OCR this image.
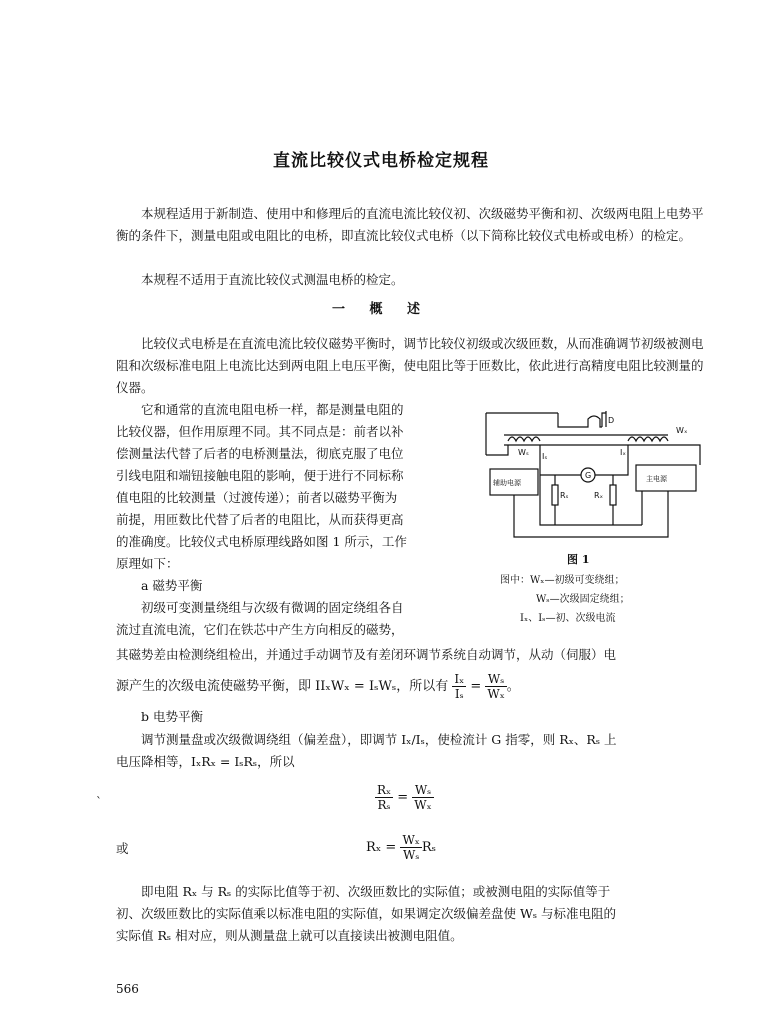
直流比较仪式电桥检定规程
本规程适用于新制造、使用中和修理后的直流电流比较仪初、次级磁势平衡和初、次级两电阻上电势平衡的条件下，测量电阻或电阻比的电桥，即直流比较仪式电桥（以下简称比较仪式电桥或电桥）的检定。
本规程不适用于直流比较仪式测温电桥的检定。
一 概 述
比较仪式电桥是在直流电流比较仪磁势平衡时，调节比较仪初级或次级匝数，从而准确调节初级被测电阻和次级标准电阻上电流比达到两电阻上电压平衡，使电阻比等于匝数比，依此进行高精度电阻比较测量的仪器。
它和通常的直流电阻电桥一样，都是测量电阻的
比较仪器，但作用原理不同。其不同点是：前者以补
偿测量法代替了后者的电桥测量法，彻底克服了电位
引线电阻和端钮接触电阻的影响，便于进行不同标称
值电阻的比较测量（过渡传递）；前者以磁势平衡为
前提，用匝数比代替了后者的电阻比，从而获得更高
的准确度。比较仪式电桥原理线路如图 1 所示，工作
原理如下：
a 磁势平衡
初级可变测量绕组与次级有微调的固定绕组各自
流过直流电流，它们在铁芯中产生方向相反的磁势，
其磁势差由检测绕组检出，并通过手动调节及有差闭环调节系统自动调节，从动（伺服）电
源产生的次级电流使磁势平衡，即 IIₓWₓ = IₛWₛ，所以有 $\frac{\text{Iₓ}}{\text{Iₛ}} = \frac{\text{Wₛ}}{\text{Wₓ}}$ 。
b 电势平衡
调节测量盘或次级微调绕组（偏差盘），即调节 Iₓ/Iₛ，使检流计 G 指零，则 Rₓ、Rₛ 上
电压降相等，IₓRₓ = IₛRₛ，所以
$\frac{\text{Rₓ}}{\text{Rₛ}} = \frac{\text{Wₛ}}{\text{Wₓ}}$
`
或	$R_x = \frac{\text{Wₓ}}{\text{Wₛ}}$ Rₛ
即电阻 Rₓ 与 Rₛ 的实际比值等于初、次级匝数比的实际值；或被测电阻的实际值等于
初、次级匝数比的实际值乘以标准电阻的实际值，如果调定次级偏差盘使 Wₛ 与标准电阻的
实际值 Rₛ 相对应，则从测量盘上就可以直接读出被测电阻值。
D
Wₓ
Wₛ Iₛ	Iₓ
G
Rₛ	Rₓ
辅助电源	主电源
图 1
图中：Wₓ—初级可变绕组；
Wₛ—次级固定绕组；
Iₓ、Iₛ—初、次级电流
566
